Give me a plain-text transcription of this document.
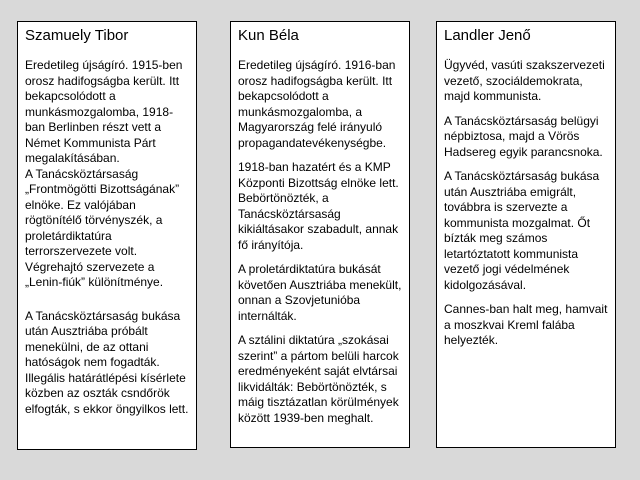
Szamuely Tibor
Eredetileg újságíró. 1915-ben orosz hadifogságba került. Itt bekapcsolódott a munkásmozgalomba, 1918-ban Berlinben részt vett a Német Kommunista Párt megalakításában.
A Tanácsköztársaság „Frontmögötti Bizottságának” elnöke. Ez valójában rögtönítélő törvényszék, a proletárdiktatúra terrorszervezete volt.
Végrehajtó szervezete a „Lenin-fiúk” különítménye.
A Tanácsköztársaság bukása után Ausztriába próbált menekülni, de az ottani hatóságok nem fogadták. Illegális határátlépési kísérlete közben az oszták csndőrök elfogták, s ekkor öngyilkos lett.
Kun Béla
Eredetileg újságíró. 1916-ban orosz hadifogságba került. Itt bekapcsolódott a munkásmozgalomba, a Magyarország felé irányuló propagandatevékenységbe.
1918-ban hazatért és a KMP Központi Bizottság elnöke lett. Bebörtönözték, a Tanácsköztársaság kikiáltásakor szabadult, annak fő irányítója.
A proletárdiktatúra bukását követően Ausztriába menekült, onnan a Szovjetunióba internálták.
A sztálini diktatúra „szokásai szerint” a pártom belüli harcok eredményeként saját elvtársai likvidálták: Bebörtönözték, s máig tisztázatlan körülmények között 1939-ben meghalt.
Landler Jenő
Ügyvéd, vasúti szakszervezeti vezető, szociáldemokrata, majd kommunista.
A Tanácsköztársaság belügyi népbiztosa, majd a Vörös Hadsereg egyik parancsnoka.
A Tanácsköztársaság bukása után Ausztriába emigrált, továbbra is szervezte a kommunista mozgalmat. Őt bízták meg számos letartóztatott kommunista vezető jogi védelmének kidolgozásával.
Cannes-ban halt meg, hamvait a moszkvai Kreml falába helyezték.
